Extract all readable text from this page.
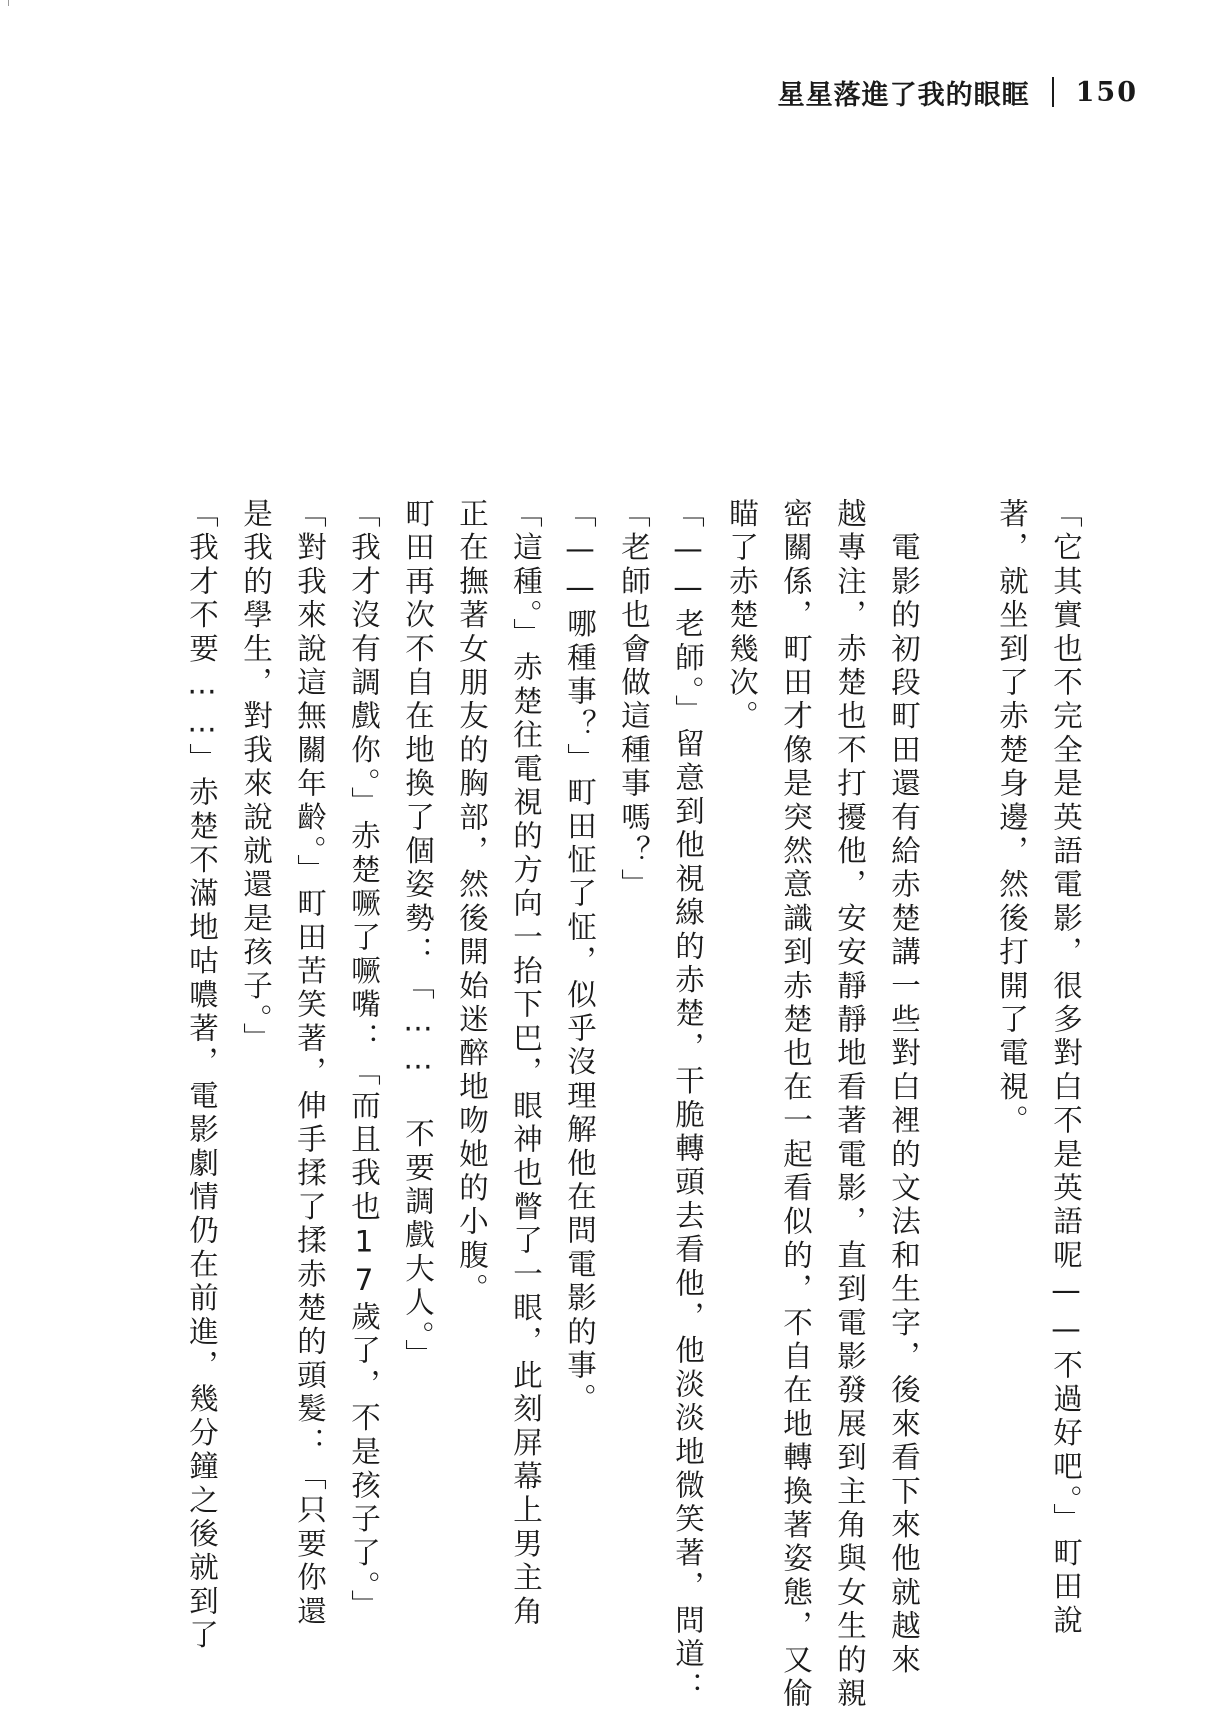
星星落進了我的眼眶 150
「它其實也不完全是英語電影，很多對白不是英語呢——不過好吧。」町田說
著，就坐到了赤楚身邊，然後打開了電視。
　電影的初段町田還有給赤楚講一些對白裡的文法和生字，後來看下來他就越來
越專注，赤楚也不打擾他，安安靜靜地看著電影，直到電影發展到主角與女生的親
密關係，町田才像是突然意識到赤楚也在一起看似的，不自在地轉換著姿態，又偷
瞄了赤楚幾次。
「——老師。」留意到他視線的赤楚，干脆轉頭去看他，他淡淡地微笑著，問道：
「老師也會做這種事嗎？」
「——哪種事？」町田怔了怔，似乎沒理解他在問電影的事。
「這種。」赤楚往電視的方向一抬下巴，眼神也瞥了一眼，此刻屏幕上男主角
正在撫著女朋友的胸部，然後開始迷醉地吻她的小腹。
町田再次不自在地換了個姿勢：「…… 不要調戲大人。」
「我才沒有調戲你。」赤楚噘了噘嘴：「而且我也17歲了，不是孩子了。」
「對我來說這無關年齡。」町田苦笑著，伸手揉了揉赤楚的頭髮：「只要你還
是我的學生，對我來說就還是孩子。」
「我才不要……」赤楚不滿地咕噥著，電影劇情仍在前進，幾分鐘之後就到了
